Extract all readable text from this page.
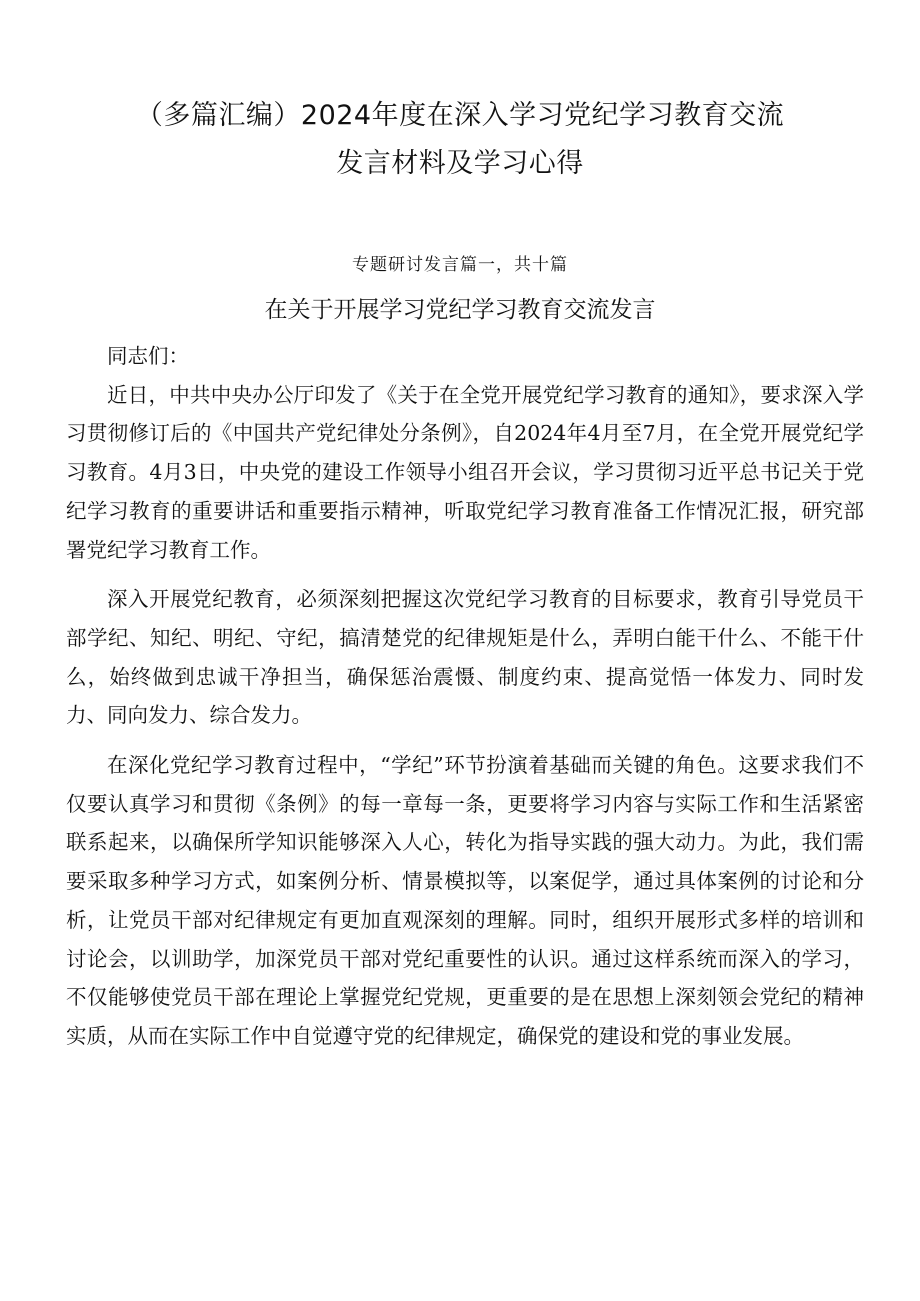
（多篇汇编）2024年度在深入学习党纪学习教育交流
发言材料及学习心得
专题研讨发言篇一，共十篇
在关于开展学习党纪学习教育交流发言

同志们：

近日，中共中央办公厅印发了《关于在全党开展党纪学习教育的通知》，要求深入学习贯彻修订后的《中国共产党纪律处分条例》，自2024年4月至7月，在全党开展党纪学习教育。4月3日，中央党的建设工作领导小组召开会议，学习贯彻习近平总书记关于党纪学习教育的重要讲话和重要指示精神，听取党纪学习教育准备工作情况汇报，研究部署党纪学习教育工作。

深入开展党纪教育，必须深刻把握这次党纪学习教育的目标要求，教育引导党员干部学纪、知纪、明纪、守纪，搞清楚党的纪律规矩是什么，弄明白能干什么、不能干什么，始终做到忠诚干净担当，确保惩治震慑、制度约束、提高觉悟一体发力、同时发力、同向发力、综合发力。

在深化党纪学习教育过程中，“学纪”环节扮演着基础而关键的角色。这要求我们不仅要认真学习和贯彻《条例》的每一章每一条，更要将学习内容与实际工作和生活紧密联系起来，以确保所学知识能够深入人心，转化为指导实践的强大动力。为此，我们需要采取多种学习方式，如案例分析、情景模拟等，以案促学，通过具体案例的讨论和分析，让党员干部对纪律规定有更加直观深刻的理解。同时，组织开展形式多样的培训和讨论会，以训助学，加深党员干部对党纪重要性的认识。通过这样系统而深入的学习，不仅能够使党员干部在理论上掌握党纪党规，更重要的是在思想上深刻领会党纪的精神实质，从而在实际工作中自觉遵守党的纪律规定，确保党的建设和党的事业发展。
